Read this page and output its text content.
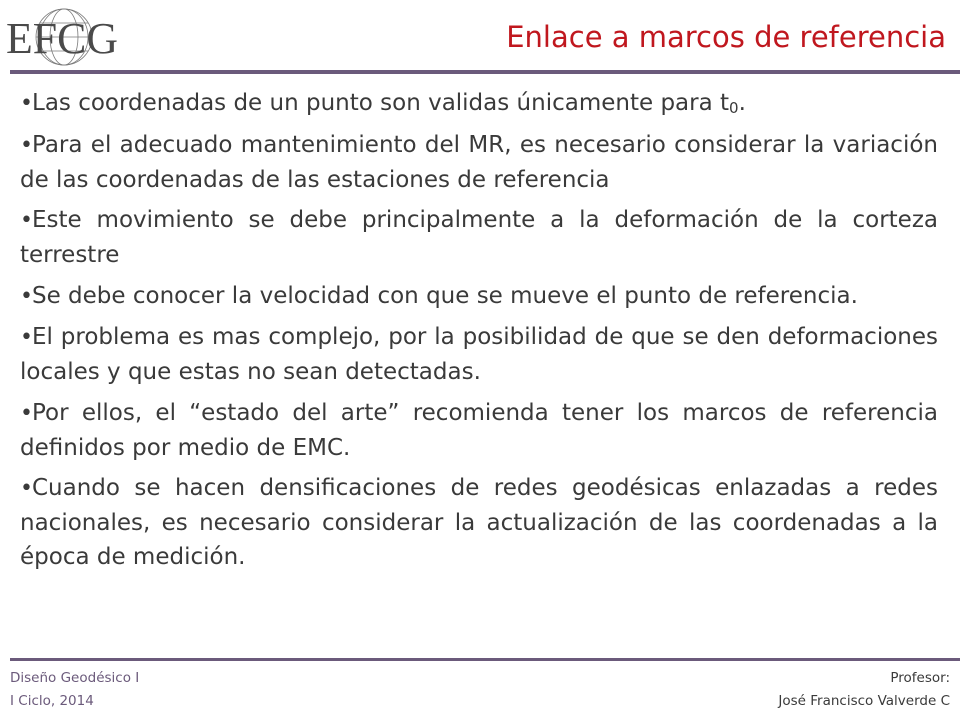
EFCG	Enlace a marcos de referencia
•Las coordenadas de un punto son validas únicamente para $t_0$.
•Para el adecuado mantenimiento del MR, es necesario considerar la variación de las coordenadas de las estaciones de referencia
•Este movimiento se debe principalmente a la deformación de la corteza terrestre
•Se debe conocer la velocidad con que se mueve el punto de referencia.
•El problema es mas complejo, por la posibilidad de que se den deformaciones locales y que estas no sean detectadas.
•Por ellos, el “estado del arte” recomienda tener los marcos de referencia definidos por medio de EMC.
•Cuando se hacen densificaciones de redes geodésicas enlazadas a redes nacionales, es necesario considerar la actualización de las coordenadas a la época de medición.
Diseño Geodésico I
I Ciclo, 2014
Profesor:
José Francisco Valverde C
